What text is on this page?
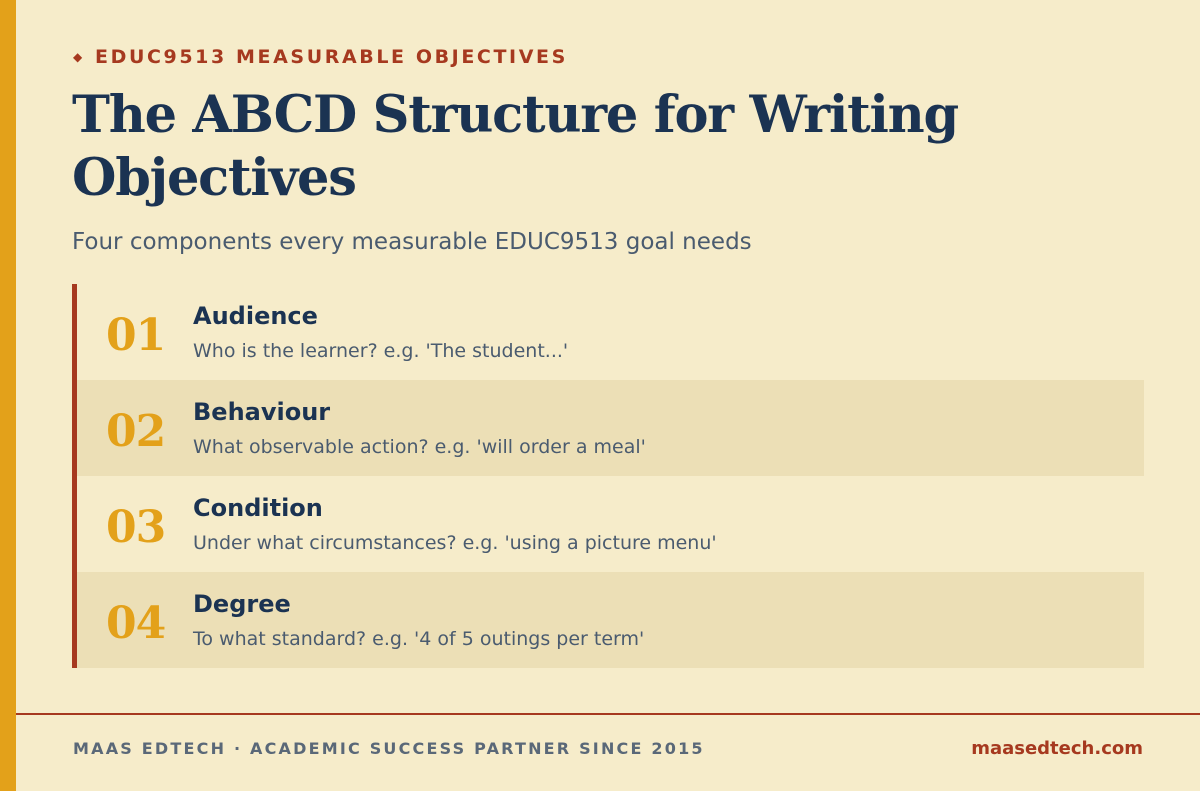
◆ EDUC9513 MEASURABLE OBJECTIVES
The ABCD Structure for Writing Objectives
Four components every measurable EDUC9513 goal needs
01	Audience
Who is the learner? e.g. 'The student...'
02	Behaviour
What observable action? e.g. 'will order a meal'
03	Condition
Under what circumstances? e.g. 'using a picture menu'
04	Degree
To what standard? e.g. '4 of 5 outings per term'
MAAS EDTECH · ACADEMIC SUCCESS PARTNER SINCE 2015	maasedtech.com
